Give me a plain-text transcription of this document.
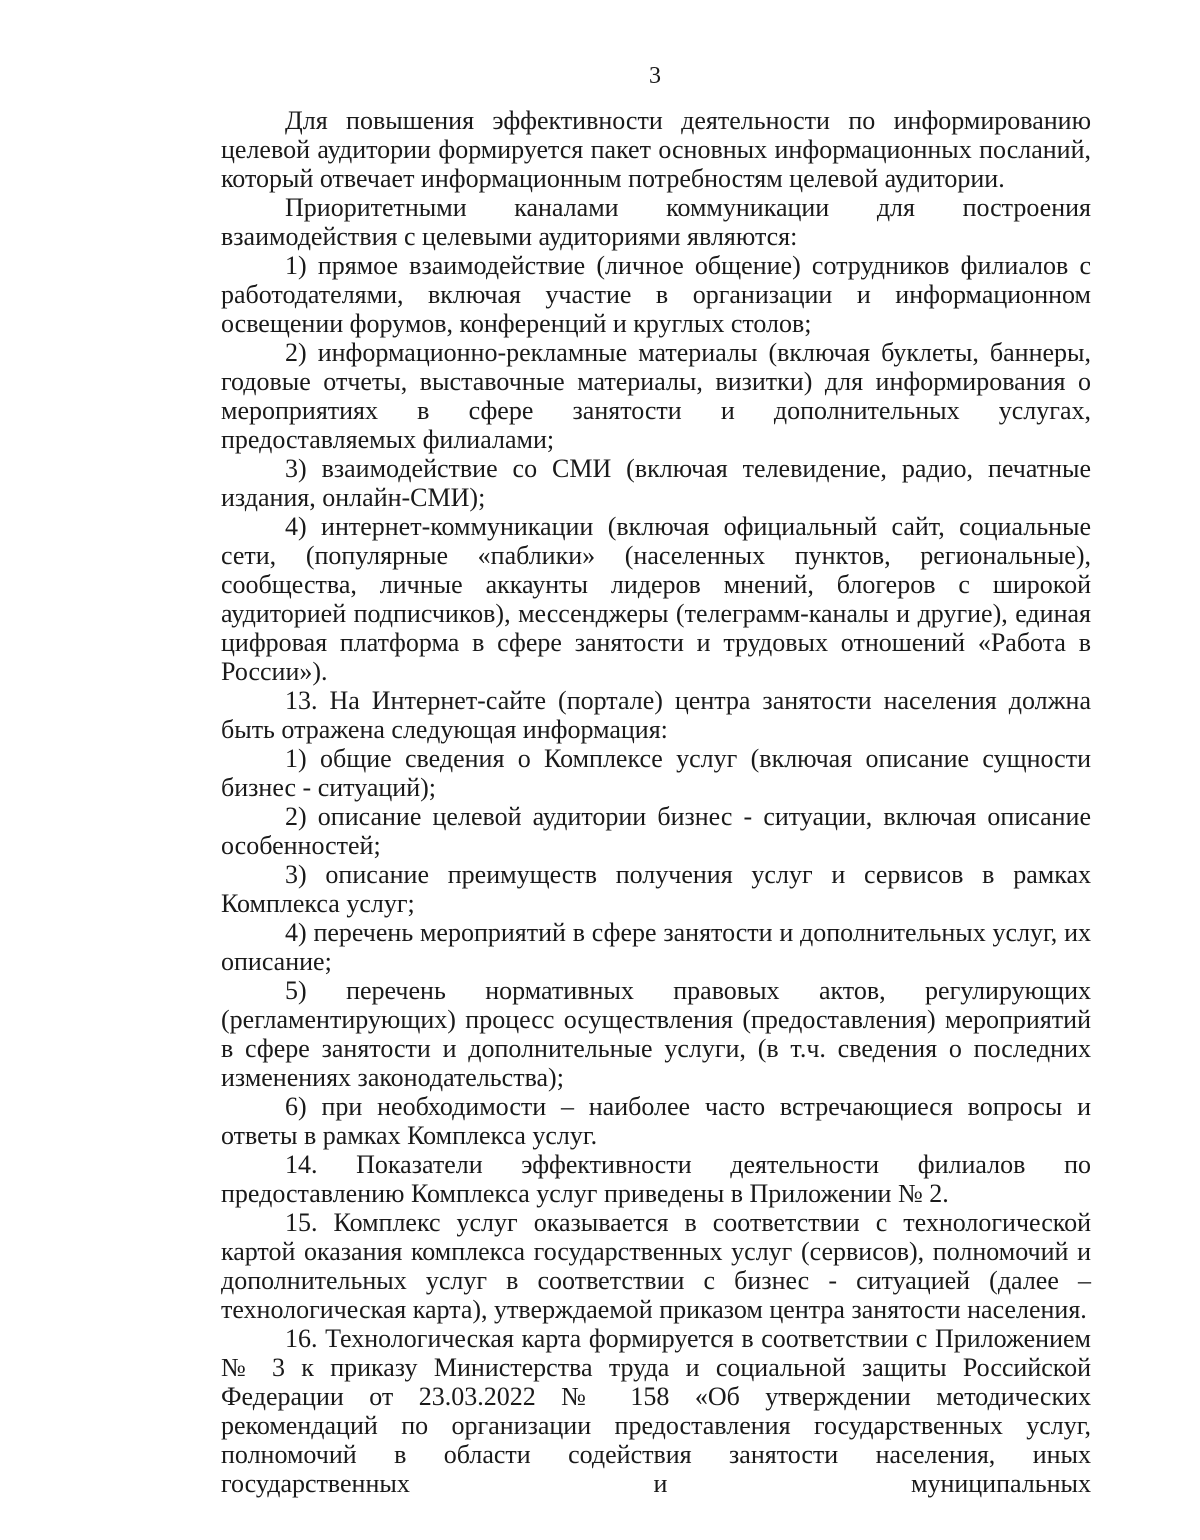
3

Для повышения эффективности деятельности по информированию целевой аудитории формируется пакет основных информационных посланий, который отвечает информационным потребностям целевой аудитории.

Приоритетными каналами коммуникации для построения взаимодействия с целевыми аудиториями являются:

1) прямое взаимодействие (личное общение) сотрудников филиалов с работодателями, включая участие в организации и информационном освещении форумов, конференций и круглых столов;

2) информационно-рекламные материалы (включая буклеты, баннеры, годовые отчеты, выставочные материалы, визитки) для информирования о мероприятиях в сфере занятости и дополнительных услугах, предоставляемых филиалами;

3) взаимодействие со СМИ (включая телевидение, радио, печатные издания, онлайн-СМИ);

4) интернет-коммуникации (включая официальный сайт, социальные сети, (популярные «паблики» (населенных пунктов, региональные), сообщества, личные аккаунты лидеров мнений, блогеров с широкой аудиторией подписчиков), мессенджеры (телеграмм-каналы и другие), единая цифровая платформа в сфере занятости и трудовых отношений «Работа в России»).

13. На Интернет-сайте (портале) центра занятости населения должна быть отражена следующая информация:

1) общие сведения о Комплексе услуг (включая описание сущности бизнес - ситуаций);

2) описание целевой аудитории бизнес - ситуации, включая описание особенностей;

3) описание преимуществ получения услуг и сервисов в рамках Комплекса услуг;

4) перечень мероприятий в сфере занятости и дополнительных услуг, их описание;

5) перечень нормативных правовых актов, регулирующих (регламентирующих) процесс осуществления (предоставления) мероприятий в сфере занятости и дополнительные услуги, (в т.ч. сведения о последних изменениях законодательства);

6) при необходимости – наиболее часто встречающиеся вопросы и ответы в рамках Комплекса услуг.

14. Показатели эффективности деятельности филиалов по предоставлению Комплекса услуг приведены в Приложении № 2.

15. Комплекс услуг оказывается в соответствии с технологической картой оказания комплекса государственных услуг (сервисов), полномочий и дополнительных услуг в соответствии с бизнес - ситуацией (далее – технологическая карта), утверждаемой приказом центра занятости населения.

16. Технологическая карта формируется в соответствии с Приложением № 3 к приказу Министерства труда и социальной защиты Российской Федерации от 23.03.2022 № 158 «Об утверждении методических рекомендаций по организации предоставления государственных услуг, полномочий в области содействия занятости населения, иных государственных и муниципальных
